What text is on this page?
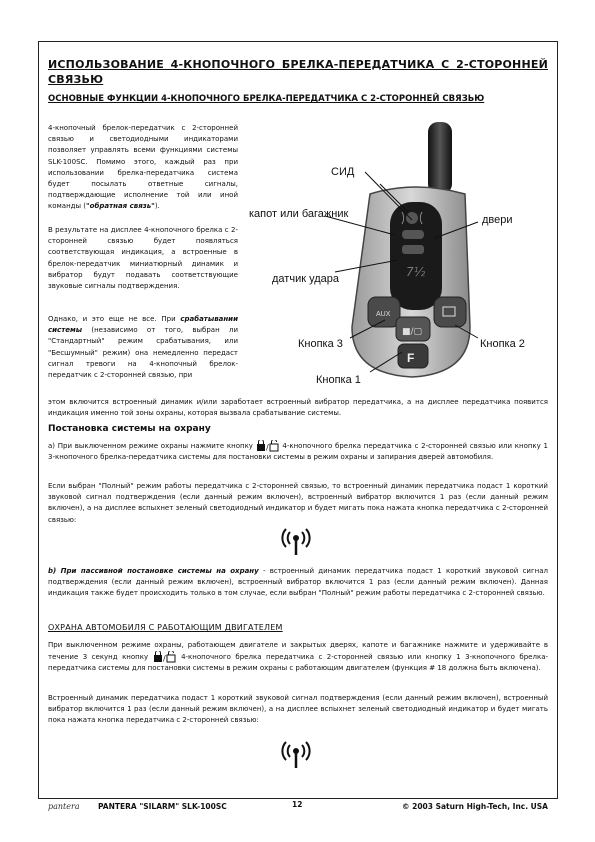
ИСПОЛЬЗОВАНИЕ 4-КНОПОЧНОГО БРЕЛКА-ПЕРЕДАТЧИКА С 2-СТОРОННЕЙ СВЯЗЬЮ
ОСНОВНЫЕ ФУНКЦИИ 4-КНОПОЧНОГО БРЕЛКА-ПЕРЕДАТЧИКА С 2-СТОРОННЕЙ СВЯЗЬЮ
4-кнопочный брелок-передатчик с 2-сторонней связью и светодиодными индикаторами позволяет управлять всеми функциями системы SLK-100SC. Помимо этого, каждый раз при использовании брелка-передатчика система будет посылать ответные сигналы, подтверждающие исполнение той или иной команды ("обратная связь").
В результате на дисплее 4-кнопочного брелка с 2-сторонней связью будет появляться соответствующая индикация, а встроенные в брелок-передатчик миниатюрный динамик и вибратор будут подавать соответствующие звуковые сигналы подтверждения.
Однако, и это еще не все. При срабатывании системы (независимо от того, выбран ли "Стандартный" режим срабатывания, или "Бесшумный" режим) она немедленно передаст сигнал тревоги на 4-кнопочный брелок-передатчик с 2-сторонней связью, при
этом включится встроенный динамик и/или заработает встроенный вибратор передатчика, а на дисплее передатчика появится индикация именно той зоны охраны, которая вызвала срабатывание системы.
7½
AUX
■/▢
F
СИД
капот или багажник	двери
датчик удара
Кнопка 3	Кнопка 2
Кнопка 1
Постановка системы на охрану
а) При выключенном режиме охраны нажмите кнопку / 4-кнопочного брелка передатчика с 2-сторонней связью или кнопку 1 3-кнопочного брелка-передатчика системы для постановки системы в режим охраны и запирания дверей автомобиля.
Если выбран "Полный" режим работы передатчика с 2-сторонней связью, то встроенный динамик передатчика подаст 1 короткий звуковой сигнал подтверждения (если данный режим включен), встроенный вибратор включится 1 раз (если данный режим включен), а на дисплее вспыхнет зеленый светодиодный индикатор и будет мигать пока нажата кнопка передатчика с 2-сторонней связью:
b) При пассивной постановке системы на охрану - встроенный динамик передатчика подаст 1 короткий звуковой сигнал подтверждения (если данный режим включен), встроенный вибратор включится 1 раз (если данный режим включен). Данная индикация также будет происходить только в том случае, если выбран "Полный" режим работы передатчика с 2-сторонней связью.
ОХРАНА АВТОМОБИЛЯ С РАБОТАЮЩИМ ДВИГАТЕЛЕМ
При выключенном режиме охраны, работающем двигателе и закрытых дверях, капоте и багажнике нажмите и удерживайте в течение 3 секунд кнопку / 4-кнопочного брелка передатчика с 2-сторонней связью или кнопку 1 3-кнопочного брелка-передатчика системы для постановки системы в режим охраны с работающим двигателем (функция # 18 должна быть включена).
Встроенный динамик передатчика подаст 1 короткий звуковой сигнал подтверждения (если данный режим включен), встроенный вибратор включится 1 раз (если данный режим включен), а на дисплее вспыхнет зеленый светодиодный индикатор и будет мигать пока нажата кнопка передатчика с 2-сторонней связью:
pantera PANTERA "SILARM" SLK-100SC	12	© 2003 Saturn High-Tech, Inc. USA
